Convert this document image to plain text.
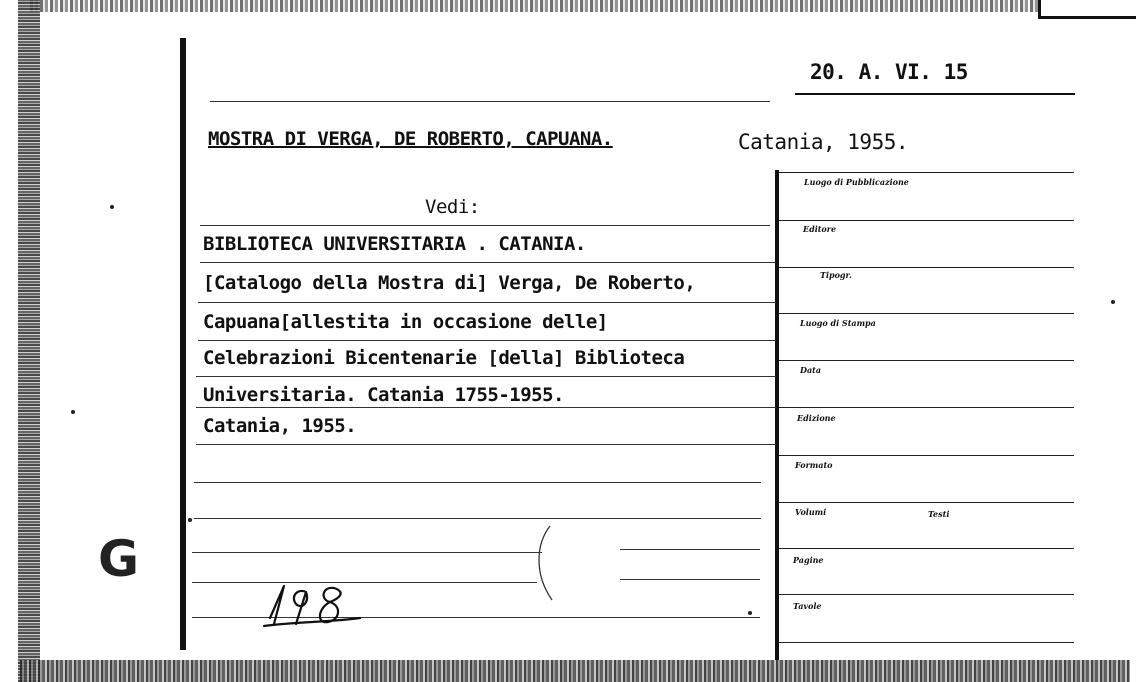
20. A. VI. 15
MOSTRA DI VERGA, DE ROBERTO, CAPUANA.	Catania, 1955.
Vedi:
BIBLIOTECA UNIVERSITARIA . CATANIA.
[Catalogo della Mostra di] Verga, De Roberto,
Capuana[allestita in occasione delle]
Celebrazioni Bicentenarie [della] Biblioteca
Universitaria. Catania 1755-1955.
Catania, 1955.
Luogo di Pubblicazione
Editore
Tipogr.
Luogo di Stampa
Data
Edizione
Formato
Volumi	Testi
Pagine
Tavole
G
